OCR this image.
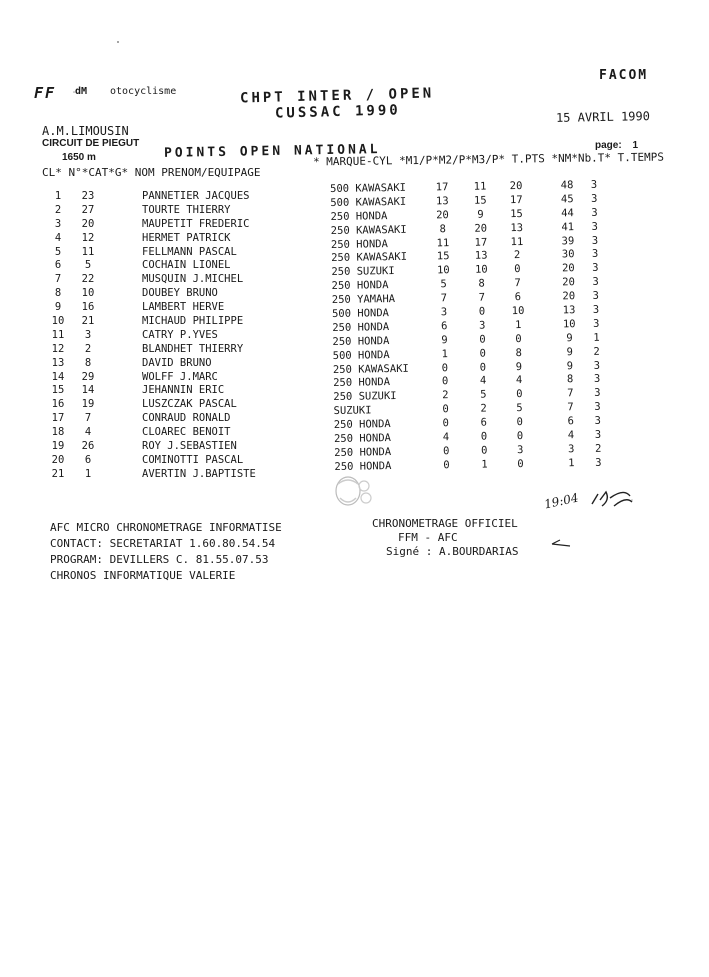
FF dM otocyclisme
FACOM
CHPT INTER / OPEN
CUSSAC 1990	15 AVRIL 1990
A.M.LIMOUSIN
CIRCUIT DE PIEGUT
1650 m
page: 1
POINTS OPEN NATIONAL
CL* N°*CAT*G* NOM PRENOM/EQUIPAGE
* MARQUE-CYL *M1/P*M2/P*M3/P* T.PTS *NM*Nb.T* T.TEMPS
1	23	PANNETIER JACQUES
2	27	TOURTE THIERRY
3	20	MAUPETIT FREDERIC
4	12	HERMET PATRICK
5	11	FELLMANN PASCAL
6	5	COCHAIN LIONEL
7	22	MUSQUIN J.MICHEL
8	10	DOUBEY BRUNO
9	16	LAMBERT HERVE
10	21	MICHAUD PHILIPPE
11	3	CATRY P.YVES
12	2	BLANDHET THIERRY
13	8	DAVID BRUNO
14	29	WOLFF J.MARC
15	14	JEHANNIN ERIC
16	19	LUSZCZAK PASCAL
17	7	CONRAUD RONALD
18	4	CLOAREC BENOIT
19	26	ROY J.SEBASTIEN
20	6	COMINOTTI PASCAL
21	1	AVERTIN J.BAPTISTE
500 KAWASAKI	17	11	20	48	3
500 KAWASAKI	13	15	17	45	3
250 HONDA	20	9	15	44	3
250 KAWASAKI	8	20	13	41	3
250 HONDA	11	17	11	39	3
250 KAWASAKI	15	13	2	30	3
250 SUZUKI	10	10	0	20	3
250 HONDA	5	8	7	20	3
250 YAMAHA	7	7	6	20	3
500 HONDA	3	0	10	13	3
250 HONDA	6	3	1	10	3
250 HONDA	9	0	0	9	1
500 HONDA	1	0	8	9	2
250 KAWASAKI	0	0	9	9	3
250 HONDA	0	4	4	8	3
250 SUZUKI	2	5	0	7	3
SUZUKI	0	2	5	7	3
250 HONDA	0	6	0	6	3
250 HONDA	4	0	0	4	3
250 HONDA	0	0	3	3	2
250 HONDA	0	1	0	1	3
19:04
AFC MICRO CHRONOMETRAGE INFORMATISE
CONTACT: SECRETARIAT 1.60.80.54.54
PROGRAM: DEVILLERS C. 81.55.07.53
CHRONOS INFORMATIQUE VALERIE
CHRONOMETRAGE OFFICIEL
FFM - AFC
Signé : A.BOURDARIAS
